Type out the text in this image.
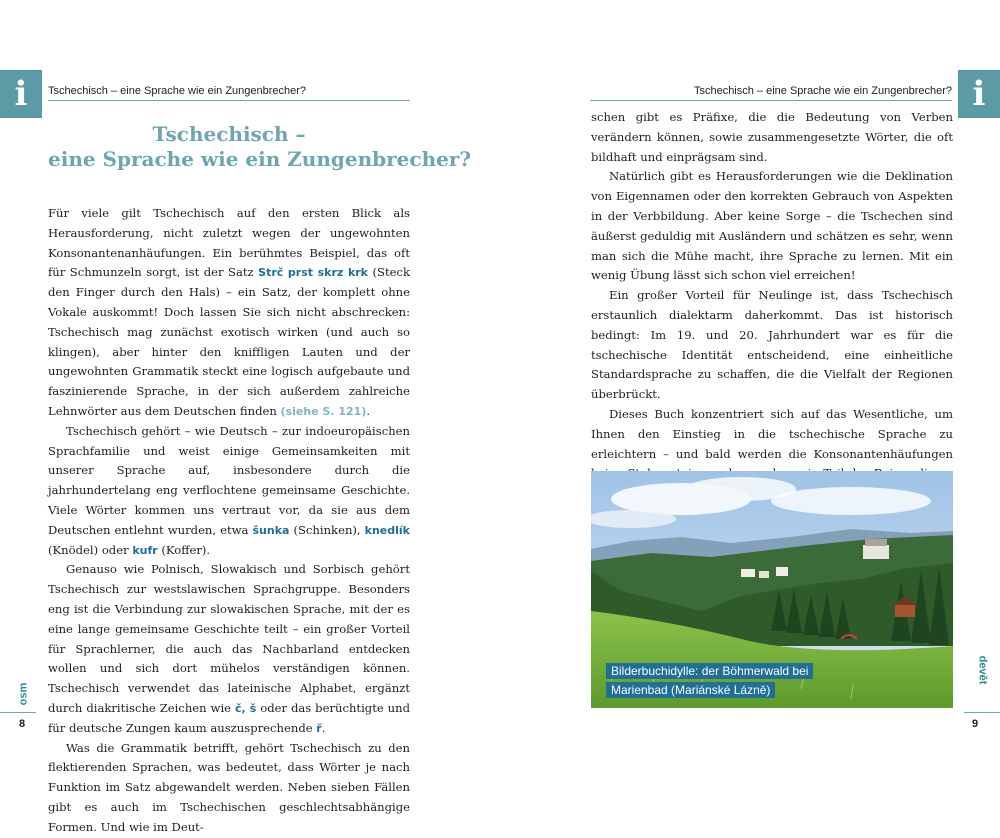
i Tschechisch – eine Sprache wie ein Zungenbrecher?
Tschechisch –
eine Sprache wie ein Zungenbrecher?

Für viele gilt Tschechisch auf den ersten Blick als Herausforderung, nicht zuletzt wegen der ungewohnten Konsonantenanhäufungen. Ein berühmtes Beispiel, das oft für Schmunzeln sorgt, ist der Satz Strč prst skrz krk (Steck den Finger durch den Hals) – ein Satz, der komplett ohne Vokale auskommt! Doch lassen Sie sich nicht abschrecken: Tschechisch mag zunächst exotisch wirken (und auch so klingen), aber hinter den kniffligen Lauten und der ungewohnten Grammatik steckt eine logisch aufgebaute und faszinierende Sprache, in der sich außerdem zahlreiche Lehnwörter aus dem Deutschen finden (siehe S. 121).

Tschechisch gehört – wie Deutsch – zur indoeuropäischen Sprachfamilie und weist einige Gemeinsamkeiten mit unserer Sprache auf, insbesondere durch die jahrhundertelang eng verflochtene gemeinsame Geschichte. Viele Wörter kommen uns vertraut vor, da sie aus dem Deutschen entlehnt wurden, etwa šunka (Schinken), knedlík (Knödel) oder kufr (Koffer).

Genauso wie Polnisch, Slowakisch und Sorbisch gehört Tschechisch zur westslawischen Sprachgruppe. Besonders eng ist die Verbindung zur slowakischen Sprache, mit der es eine lange gemeinsame Geschichte teilt – ein großer Vorteil für Sprachlerner, die auch das Nachbarland entdecken wollen und sich dort mühelos verständigen können. Tschechisch verwendet das lateinische Alphabet, ergänzt durch diakritische Zeichen wie č, š oder das berüchtigte und für deutsche Zungen kaum auszusprechende ř.

Was die Grammatik betrifft, gehört Tschechisch zu den flektierenden Sprachen, was bedeutet, dass Wörter je nach Funktion im Satz abgewandelt werden. Neben sieben Fällen gibt es auch im Tschechischen geschlechtsabhängige Formen. Und wie im Deut-

osm
8
i
Tschechisch – eine Sprache wie ein Zungenbrecher?

schen gibt es Präfixe, die die Bedeutung von Verben verändern können, sowie zusammengesetzte Wörter, die oft bildhaft und einprägsam sind.

Natürlich gibt es Herausforderungen wie die Deklination von Eigennamen oder den korrekten Gebrauch von Aspekten in der Verbbildung. Aber keine Sorge – die Tschechen sind äußerst geduldig mit Ausländern und schätzen es sehr, wenn man sich die Mühe macht, ihre Sprache zu lernen. Mit ein wenig Übung lässt sich schon viel erreichen!

Ein großer Vorteil für Neulinge ist, dass Tschechisch erstaunlich dialektarm daherkommt. Das ist historisch bedingt: Im 19. und 20. Jahrhundert war es für die tschechische Identität entscheidend, eine einheitliche Standardsprache zu schaffen, die die Vielfalt der Regionen überbrückt.

Dieses Buch konzentriert sich auf das Wesentliche, um Ihnen den Einstieg in die tschechische Sprache zu erleichtern – und bald werden die Konsonantenhäufungen

Bilderbuchidylle: der Böhmerwald bei Marienbad (Mariánské Lázně)
devět
9
